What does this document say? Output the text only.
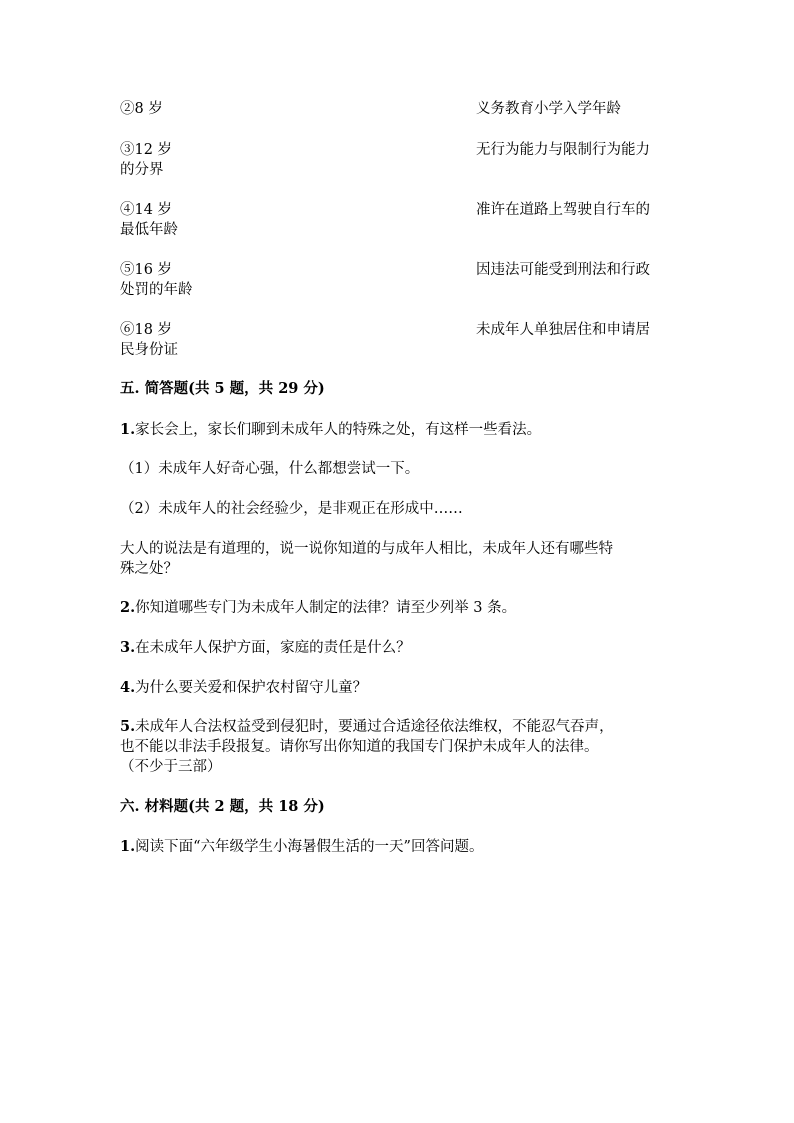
②8 岁	义务教育小学入学年龄
③12 岁	无行为能力与限制行为能力
的分界
④14 岁	准许在道路上驾驶自行车的
最低年龄
⑤16 岁	因违法可能受到刑法和行政
处罚的年龄
⑥18 岁	未成年人单独居住和申请居
民身份证
五. 简答题(共 5 题，共 29 分)
1.家长会上，家长们聊到未成年人的特殊之处，有这样一些看法。
（1）未成年人好奇心强，什么都想尝试一下。
（2）未成年人的社会经验少，是非观正在形成中……
大人的说法是有道理的，说一说你知道的与成年人相比，未成年人还有哪些特
殊之处？
2.你知道哪些专门为未成年人制定的法律？请至少列举 3 条。
3.在未成年人保护方面，家庭的责任是什么？
4.为什么要关爱和保护农村留守儿童？
5.未成年人合法权益受到侵犯时，要通过合适途径依法维权，不能忍气吞声，
也不能以非法手段报复。请你写出你知道的我国专门保护未成年人的法律。
（不少于三部）
六. 材料题(共 2 题，共 18 分)
1.阅读下面“六年级学生小海暑假生活的一天”回答问题。
